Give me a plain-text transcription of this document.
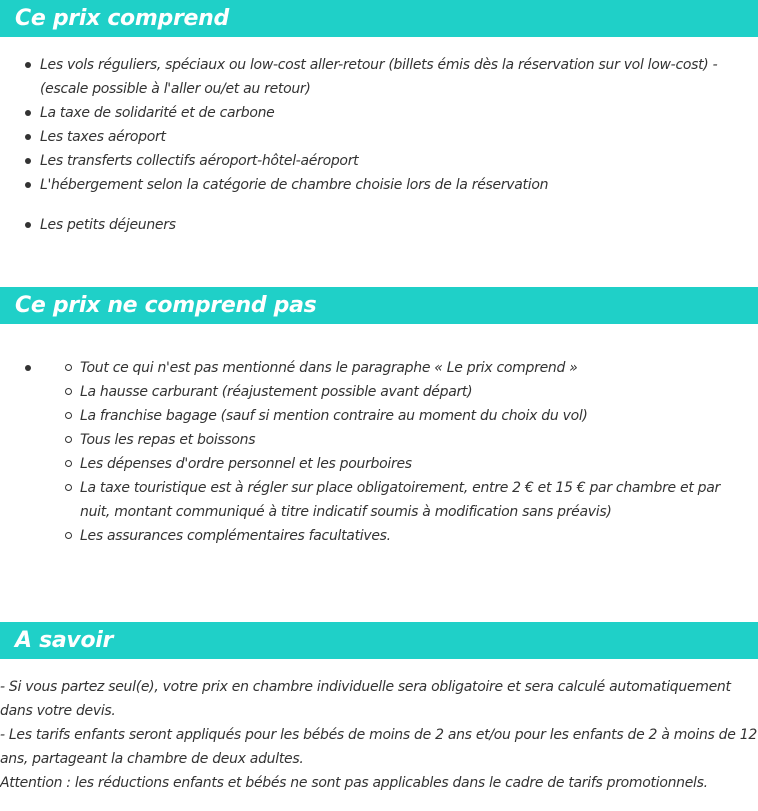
Ce prix comprend
Les vols réguliers, spéciaux ou low-cost aller-retour (billets émis dès la réservation sur vol low-cost) - (escale possible à l'aller ou/et au retour)
La taxe de solidarité et de carbone
Les taxes aéroport
Les transferts collectifs aéroport-hôtel-aéroport
L'hébergement selon la catégorie de chambre choisie lors de la réservation
Les petits déjeuners
Ce prix ne comprend pas
Tout ce qui n'est pas mentionné dans le paragraphe « Le prix comprend »
La hausse carburant (réajustement possible avant départ)
La franchise bagage (sauf si mention contraire au moment du choix du vol)
Tous les repas et boissons
Les dépenses d'ordre personnel et les pourboires
La taxe touristique est à régler sur place obligatoirement, entre 2 € et 15 € par chambre et par nuit, montant communiqué à titre indicatif soumis à modification sans préavis)
Les assurances complémentaires facultatives.
A savoir

- Si vous partez seul(e), votre prix en chambre individuelle sera obligatoire et sera calculé automatiquement dans votre devis.

- Les tarifs enfants seront appliqués pour les bébés de moins de 2 ans et/ou pour les enfants de 2 à moins de 12 ans, partageant la chambre de deux adultes.

Attention : les réductions enfants et bébés ne sont pas applicables dans le cadre de tarifs promotionnels.
